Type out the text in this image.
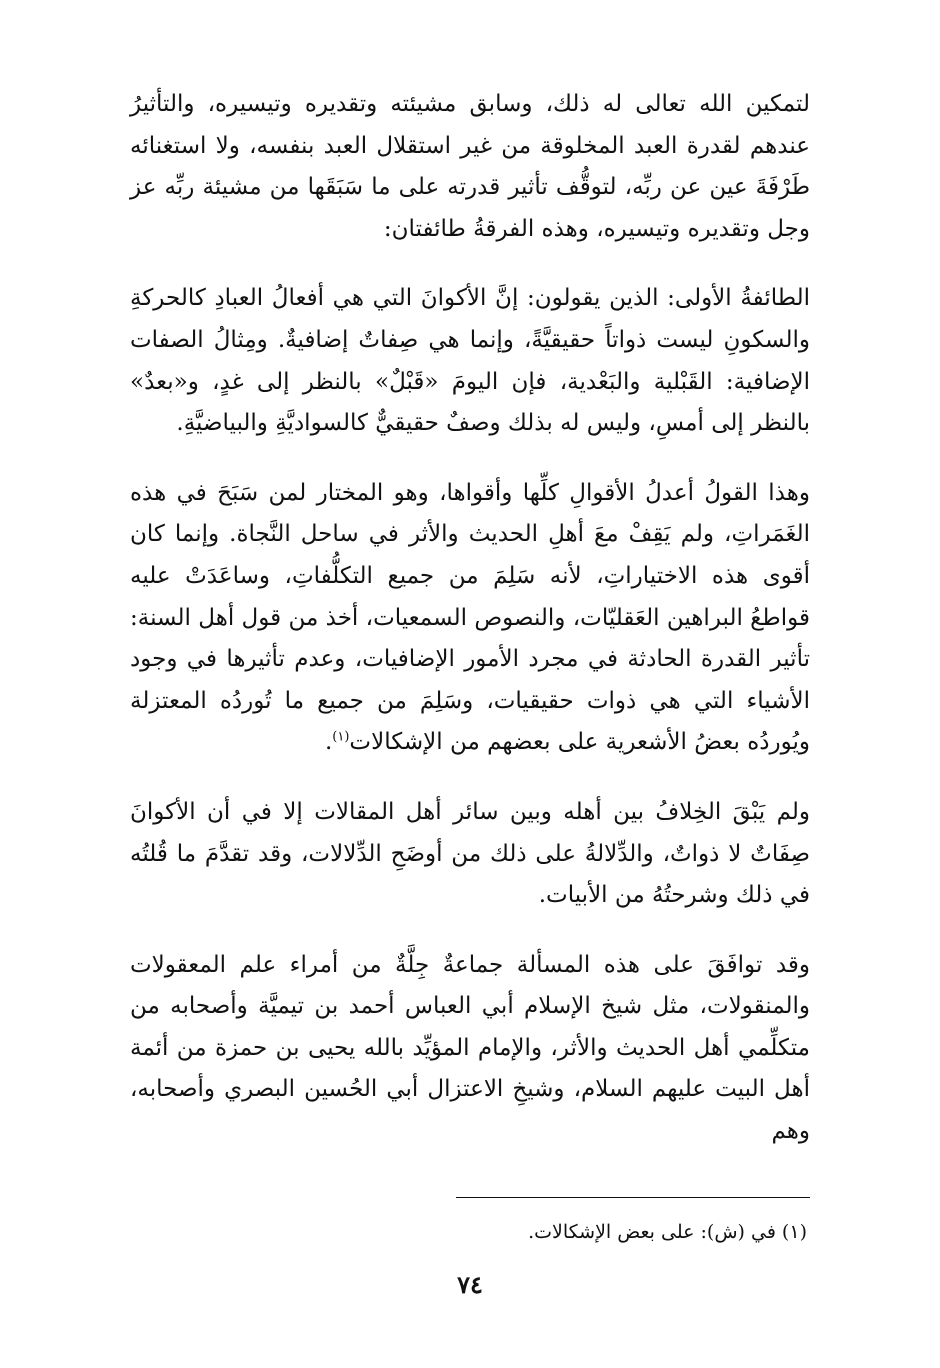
لتمكين الله تعالى له ذلك، وسابق مشيئته وتقديره وتيسيره، والتأثيرُ عندهم لقدرة العبد المخلوقة من غير استقلال العبد بنفسه، ولا استغنائه طَرْفَةَ عين عن ربِّه، لتوقُّف تأثير قدرته على ما سَبَقَها من مشيئة ربِّه عز وجل وتقديره وتيسيره، وهذه الفرقةُ طائفتان:

الطائفةُ الأولى: الذين يقولون: إنَّ الأكوانَ التي هي أفعالُ العبادِ كالحركةِ والسكونِ ليست ذواتاً حقيقيَّةً، وإنما هي صِفاتٌ إضافيةٌ. ومِثالُ الصفات الإضافية: القَبْلية والبَعْدية، فإن اليومَ «قَبْلٌ» بالنظر إلى غدٍ، و«بعدٌ» بالنظر إلى أمسِ، وليس له بذلك وصفٌ حقيقيٌّ كالسواديَّةِ والبياضيَّةِ.

وهذا القولُ أعدلُ الأقوالِ كلِّها وأقواها، وهو المختار لمن سَبَحَ في هذه الغَمَراتِ، ولم يَقِفْ معَ أهلِ الحديث والأثر في ساحل النَّجاة. وإنما كان أقوى هذه الاختياراتِ، لأنه سَلِمَ من جميع التكلُّفاتِ، وساعَدَتْ عليه قواطعُ البراهين العَقليّات، والنصوص السمعيات، أخذ من قول أهل السنة: تأثير القدرة الحادثة في مجرد الأمور الإضافيات، وعدم تأثيرها في وجود الأشياء التي هي ذوات حقيقيات، وسَلِمَ من جميع ما تُوردُه المعتزلة ويُوردُه بعضُ الأشعرية على بعضهم من الإشكالات$^{(١)}$.

ولم يَبْقَ الخِلافُ بين أهله وبين سائر أهل المقالات إلا في أن الأكوانَ صِفَاتٌ لا ذواتٌ، والدِّلالةُ على ذلك من أوضَحِ الدِّلالات، وقد تقدَّمَ ما قُلتُه في ذلك وشرحتُهُ من الأبيات.

وقد توافَقَ على هذه المسألة جماعةٌ جِلَّةٌ من أمراء علم المعقولات والمنقولات، مثل شيخ الإسلام أبي العباس أحمد بن تيميَّة وأصحابه من متكلِّمي أهل الحديث والأثر، والإمام المؤيِّد بالله يحيى بن حمزة من أئمة أهل البيت عليهم السلام، وشيخِ الاعتزال أبي الحُسين البصري وأصحابه، وهم

(١) في (ش): على بعض الإشكالات.
٧٤
